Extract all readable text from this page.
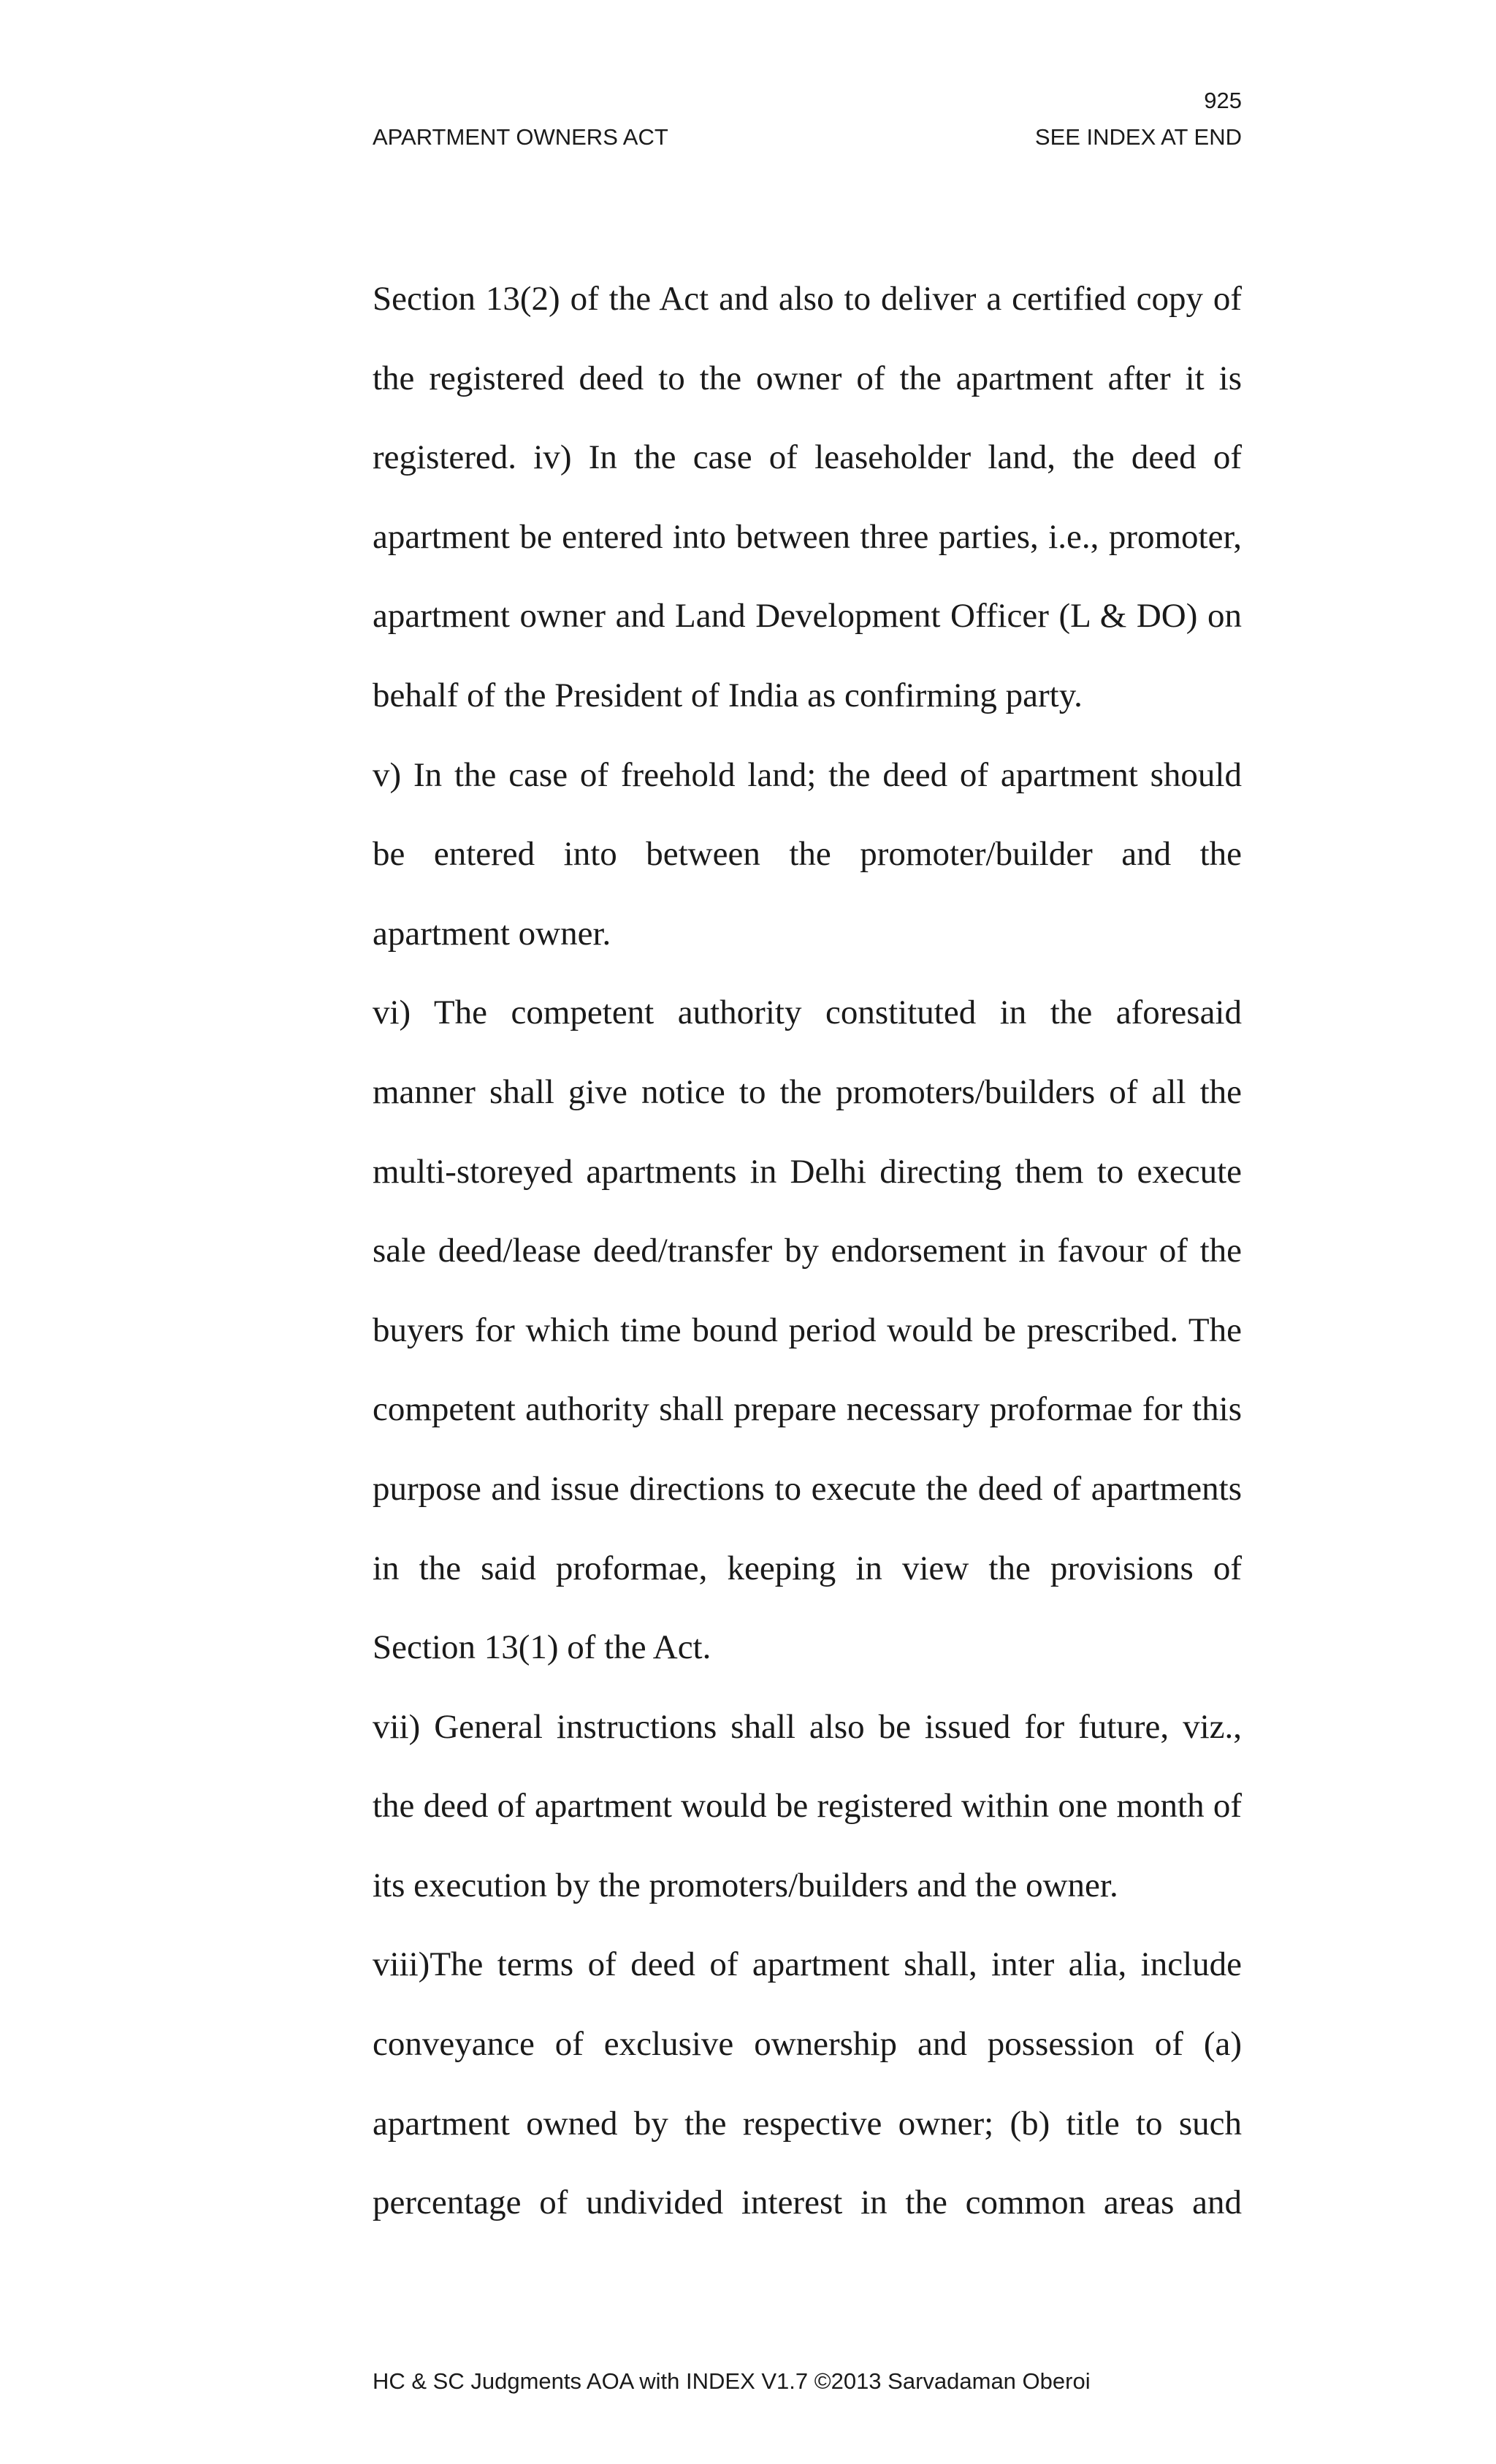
925
APARTMENT OWNERS ACT	SEE INDEX AT END

Section 13(2) of the Act and also to deliver a certified copy of the registered deed to the owner of the apartment after it is registered. iv) In the case of leaseholder land, the deed of apartment be entered into between three parties, i.e., promoter, apartment owner and Land Development Officer (L & DO) on behalf of the President of India as confirming party.

v) In the case of freehold land; the deed of apartment should be entered into between the promoter/builder and the apartment owner.

vi) The competent authority constituted in the aforesaid manner shall give notice to the promoters/builders of all the multi-storeyed apartments in Delhi directing them to execute sale deed/lease deed/transfer by endorsement in favour of the buyers for which time bound period would be prescribed. The competent authority shall prepare necessary proformae for this purpose and issue directions to execute the deed of apartments in the said proformae, keeping in view the provisions of Section 13(1) of the Act.

vii) General instructions shall also be issued for future, viz., the deed of apartment would be registered within one month of its execution by the promoters/builders and the owner.

viii)The terms of deed of apartment shall, inter alia, include conveyance of exclusive ownership and possession of (a) apartment owned by the respective owner; (b) title to such percentage of undivided interest in the common areas and

HC & SC Judgments AOA with INDEX V1.7 ©2013 Sarvadaman Oberoi
